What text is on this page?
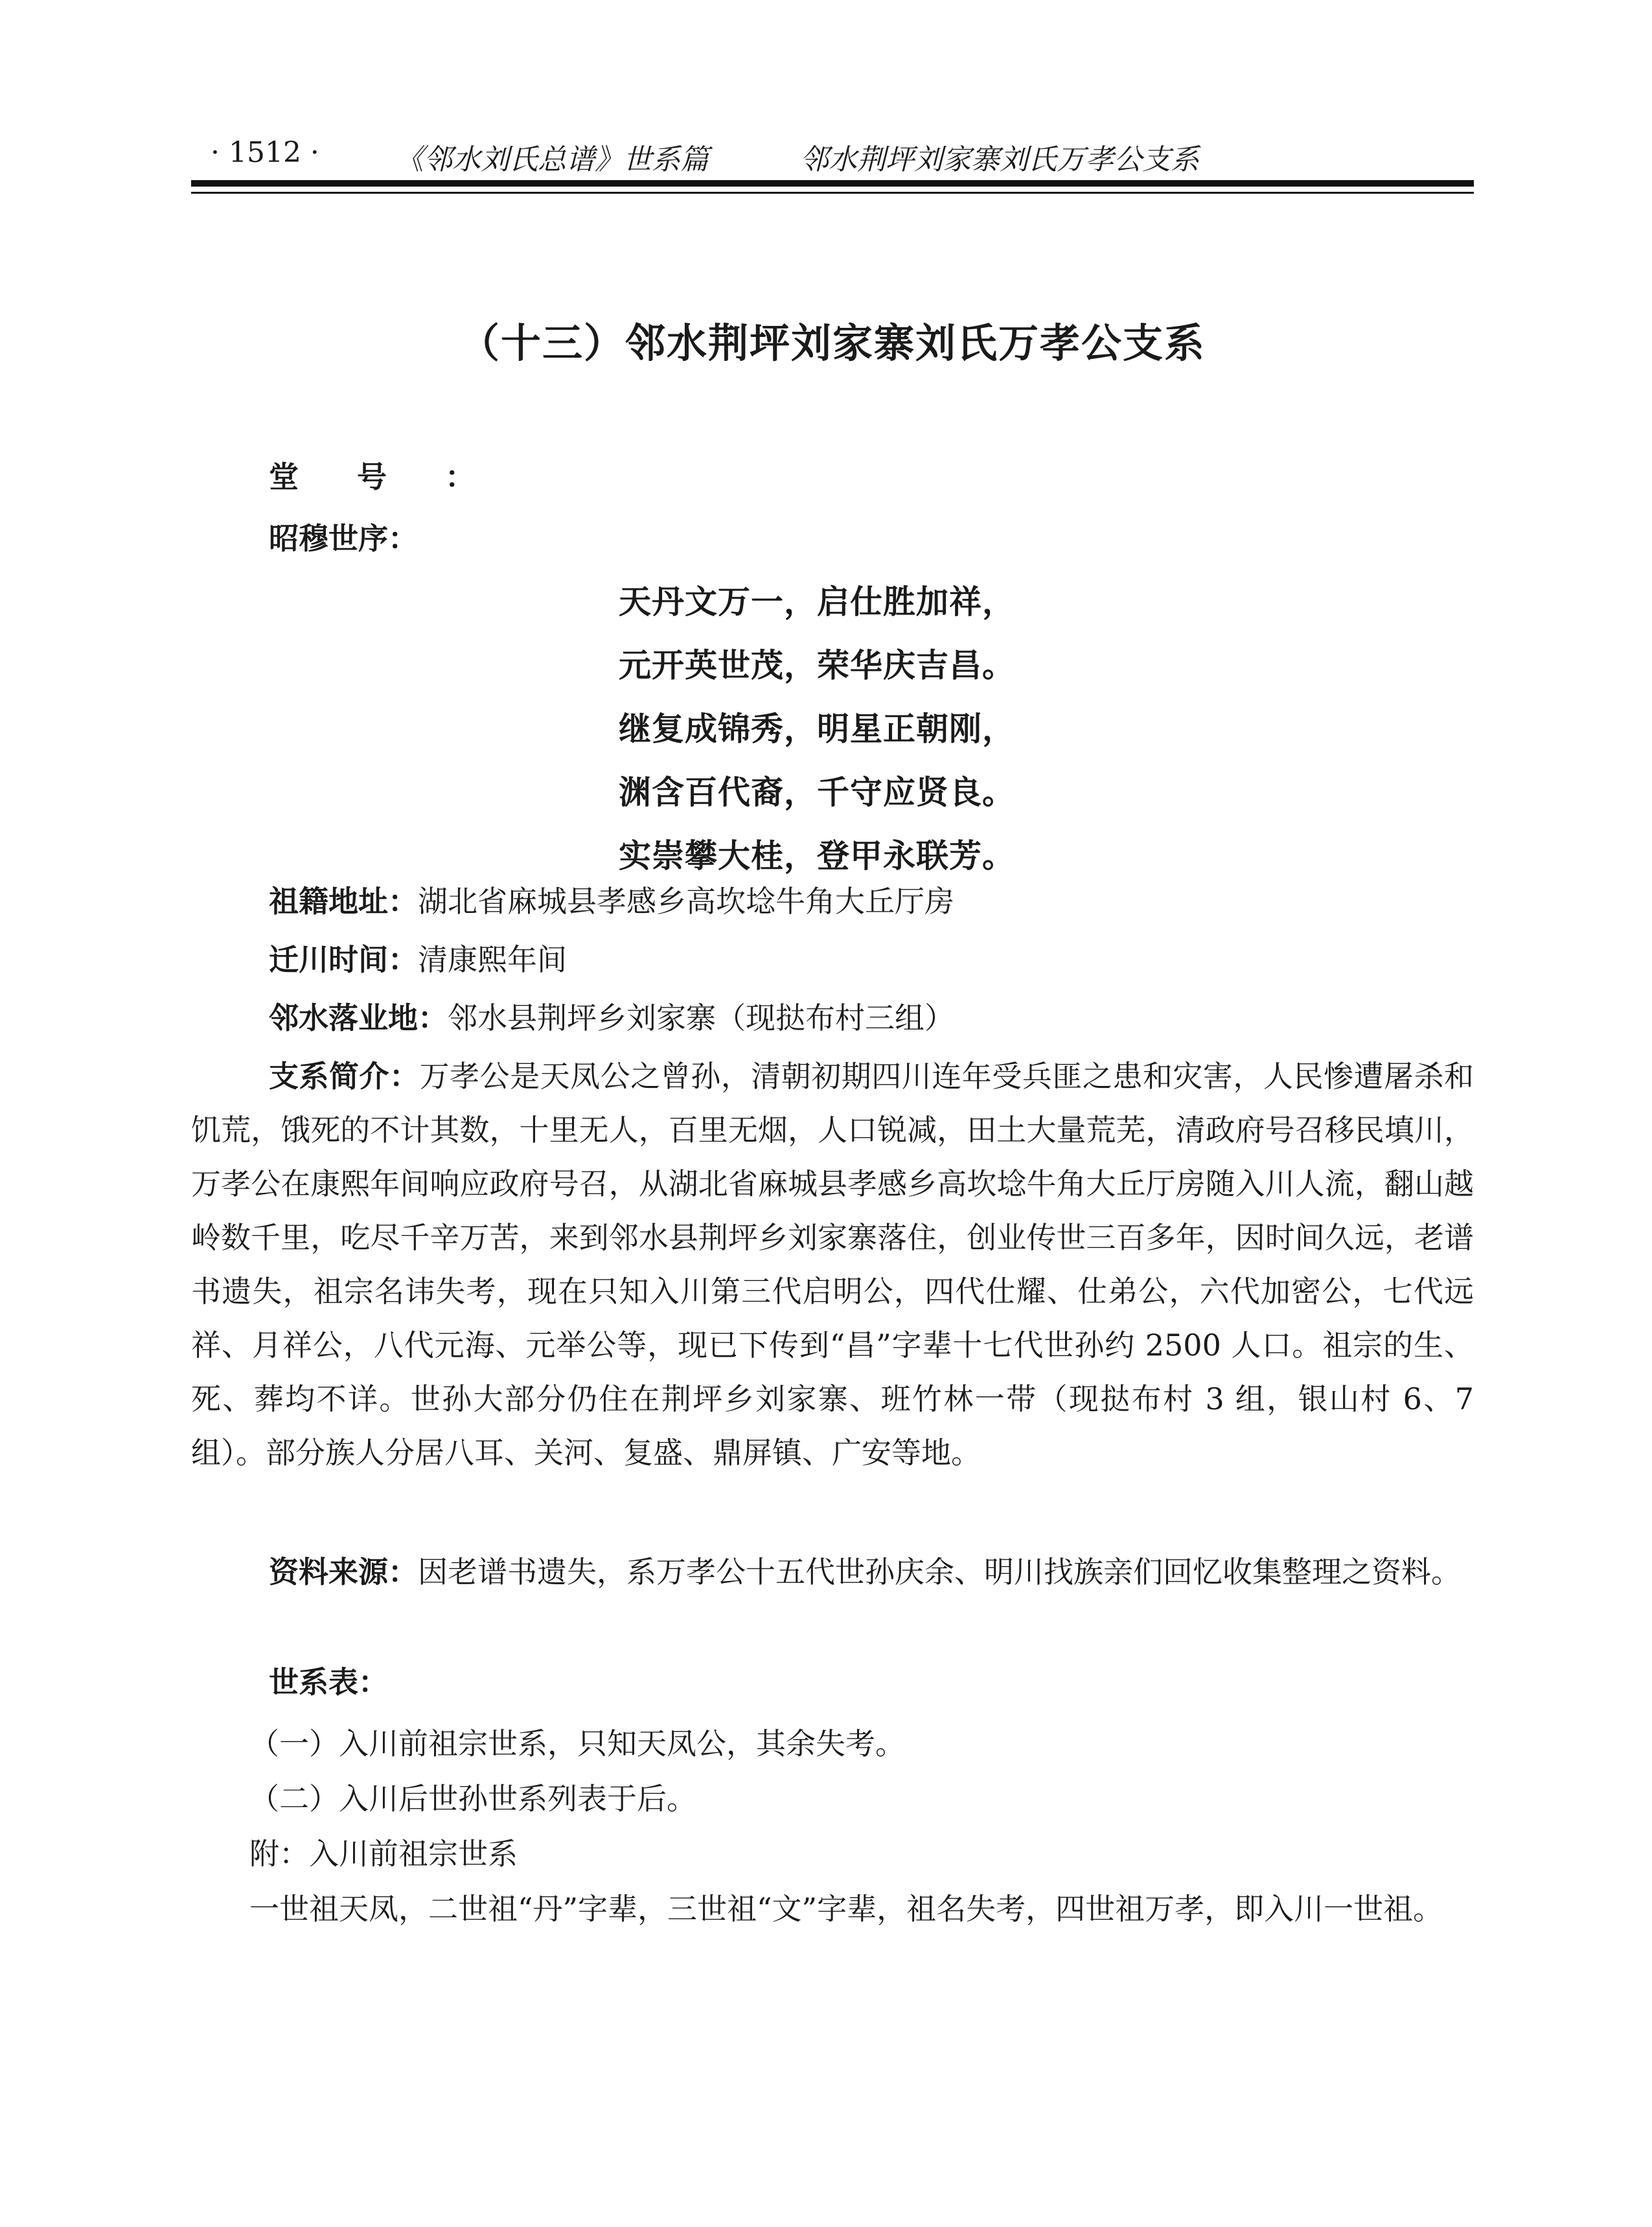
· 1512 ·	《邻水刘氏总谱》世系篇	邻水荆坪刘家寨刘氏万孝公支系
（十三）邻水荆坪刘家寨刘氏万孝公支系
堂号：
昭穆世序：
天丹文万一，启仕胜加祥，
元开英世茂，荣华庆吉昌。
继复成锦秀，明星正朝刚，
渊含百代裔，千守应贤良。
实崇攀大桂，登甲永联芳。
祖籍地址：湖北省麻城县孝感乡高坎埝牛角大丘厅房
迁川时间：清康熙年间
邻水落业地：邻水县荆坪乡刘家寨（现挞布村三组）
支系简介：万孝公是天凤公之曾孙，清朝初期四川连年受兵匪之患和灾害，人民惨遭屠杀和饥荒，饿死的不计其数，十里无人，百里无烟，人口锐减，田土大量荒芜，清政府号召移民填川，万孝公在康熙年间响应政府号召，从湖北省麻城县孝感乡高坎埝牛角大丘厅房随入川人流，翻山越岭数千里，吃尽千辛万苦，来到邻水县荆坪乡刘家寨落住，创业传世三百多年，因时间久远，老谱书遗失，祖宗名讳失考，现在只知入川第三代启明公，四代仕耀、仕弟公，六代加密公，七代远祥、月祥公，八代元海、元举公等，现已下传到“昌”字辈十七代世孙约 2500 人口。祖宗的生、死、葬均不详。世孙大部分仍住在荆坪乡刘家寨、班竹林一带（现挞布村 3 组，银山村 6、7 组）。部分族人分居八耳、关河、复盛、鼎屏镇、广安等地。
资料来源：因老谱书遗失，系万孝公十五代世孙庆余、明川找族亲们回忆收集整理之资料。
世系表：
（一）入川前祖宗世系，只知天凤公，其余失考。
（二）入川后世孙世系列表于后。
附：入川前祖宗世系
一世祖天凤，二世祖“丹”字辈，三世祖“文”字辈，祖名失考，四世祖万孝，即入川一世祖。
